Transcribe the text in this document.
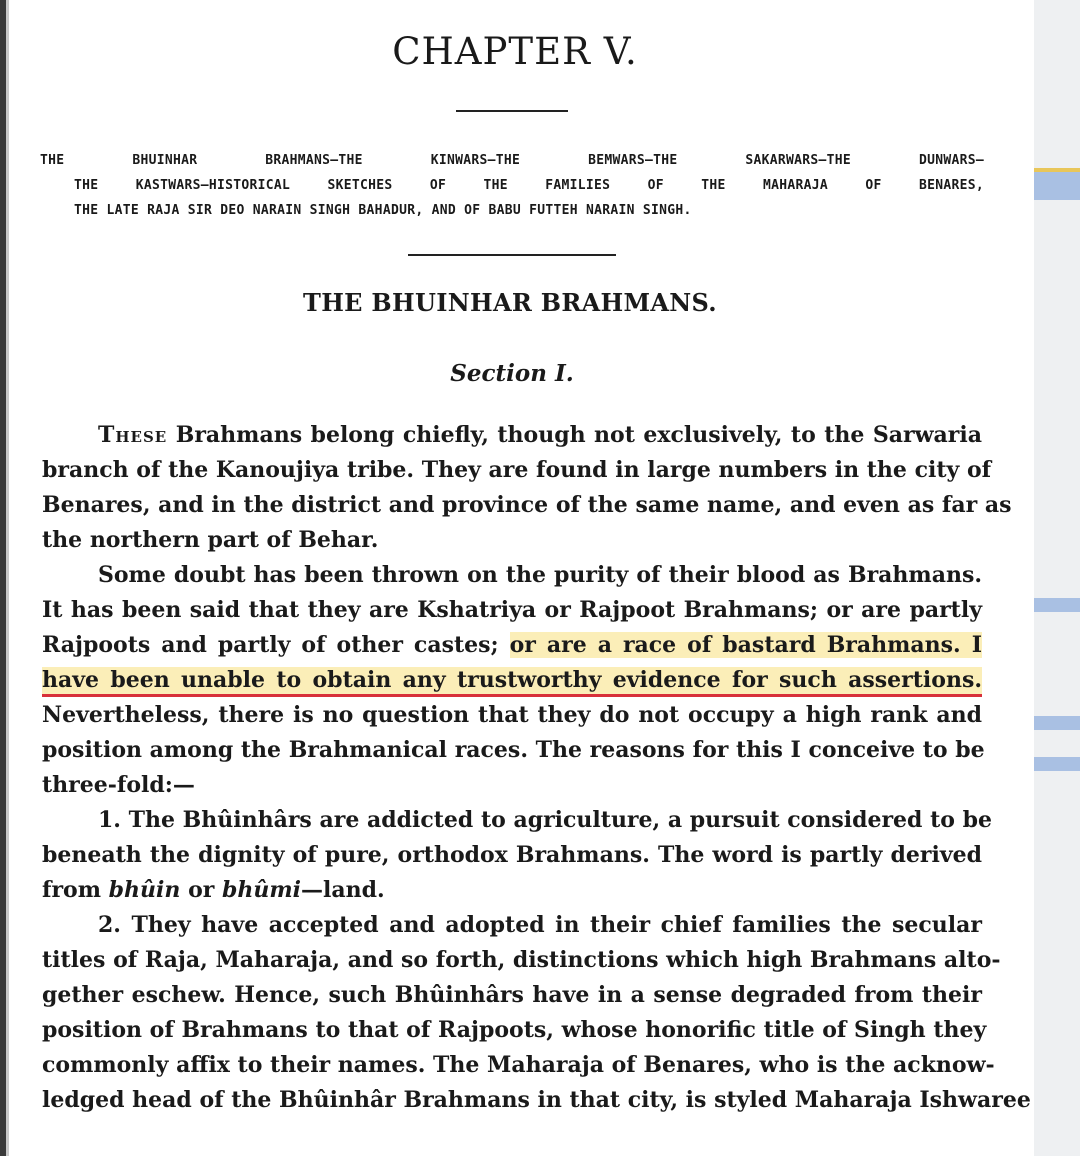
CHAPTER V.
THE BHUINHAR BRAHMANS—THE KINWARS—THE BEMWARS—THE SAKARWARS—THE DUNWARS—
THE KASTWARS—HISTORICAL SKETCHES OF THE FAMILIES OF THE MAHARAJA OF BENARES,
THE LATE RAJA SIR DEO NARAIN SINGH BAHADUR, AND OF BABU FUTTEH NARAIN SINGH.
THE BHUINHAR BRAHMANS.
Section I.
These Brahmans belong chiefly, though not exclusively, to the Sarwaria
branch of the Kanoujiya tribe. They are found in large numbers in the city of
Benares, and in the district and province of the same name, and even as far as
the northern part of Behar.
Some doubt has been thrown on the purity of their blood as Brahmans.
It has been said that they are Kshatriya or Rajpoot Brahmans; or are partly
Rajpoots and partly of other castes; or are a race of bastard Brahmans. I
have been unable to obtain any trustworthy evidence for such assertions.
Nevertheless, there is no question that they do not occupy a high rank and
position among the Brahmanical races. The reasons for this I conceive to be
three-fold:—
1. The Bhûinhârs are addicted to agriculture, a pursuit considered to be
beneath the dignity of pure, orthodox Brahmans. The word is partly derived
from bhûin or bhûmi—land.
2. They have accepted and adopted in their chief families the secular
titles of Raja, Maharaja, and so forth, distinctions which high Brahmans alto-
gether eschew. Hence, such Bhûinhârs have in a sense degraded from their
position of Brahmans to that of Rajpoots, whose honorific title of Singh they
commonly affix to their names. The Maharaja of Benares, who is the acknow-
ledged head of the Bhûinhâr Brahmans in that city, is styled Maharaja Ishwaree
